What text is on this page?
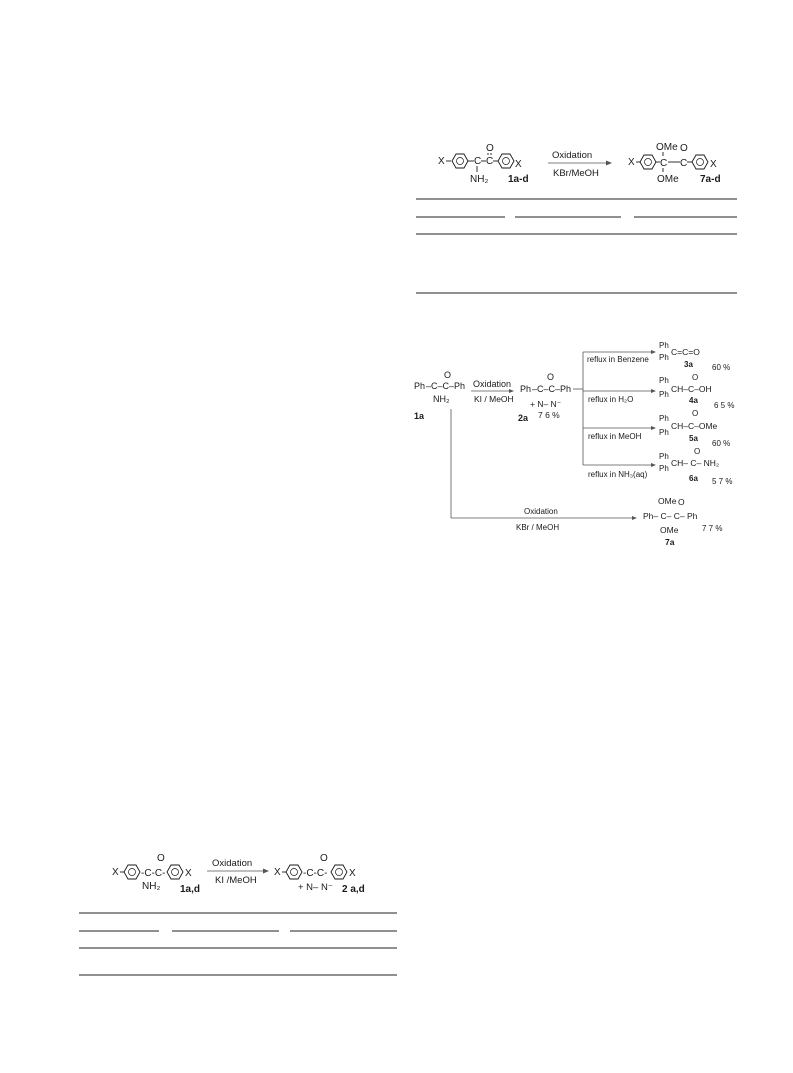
X	C C
O
X
NH₂ 1a-d
Oxidation
KBr/MeOH
X	C
OMe
OMe
C
O
X
7a-d
Ph –C–C– Ph
O
NH₂
1a
Oxidation
KI / MeOH
Ph –C–C– Ph
O
+ N– N⁻
2a 7 6 %
reflux in Benzene
Ph
Ph
C=C=O
3a 60 %
reflux in H₂O
Ph
Ph
CH–C–OH
O
4a
6 5 %
reflux in MeOH
Ph
Ph
CH–C–OMe
O
5a
60 %
reflux in NH₃(aq)
Ph
Ph
CH– C– NH₂
O
6a 5 7 %
Oxidation
KBr / MeOH
OMe O
Ph– C– C– Ph
OMe	7 7 %
7a
X -C-C-
O
X
NH₂ 1a,d
Oxidation
KI /MeOH
X -C-C-
O
X
+ N– N⁻ 2 a,d
